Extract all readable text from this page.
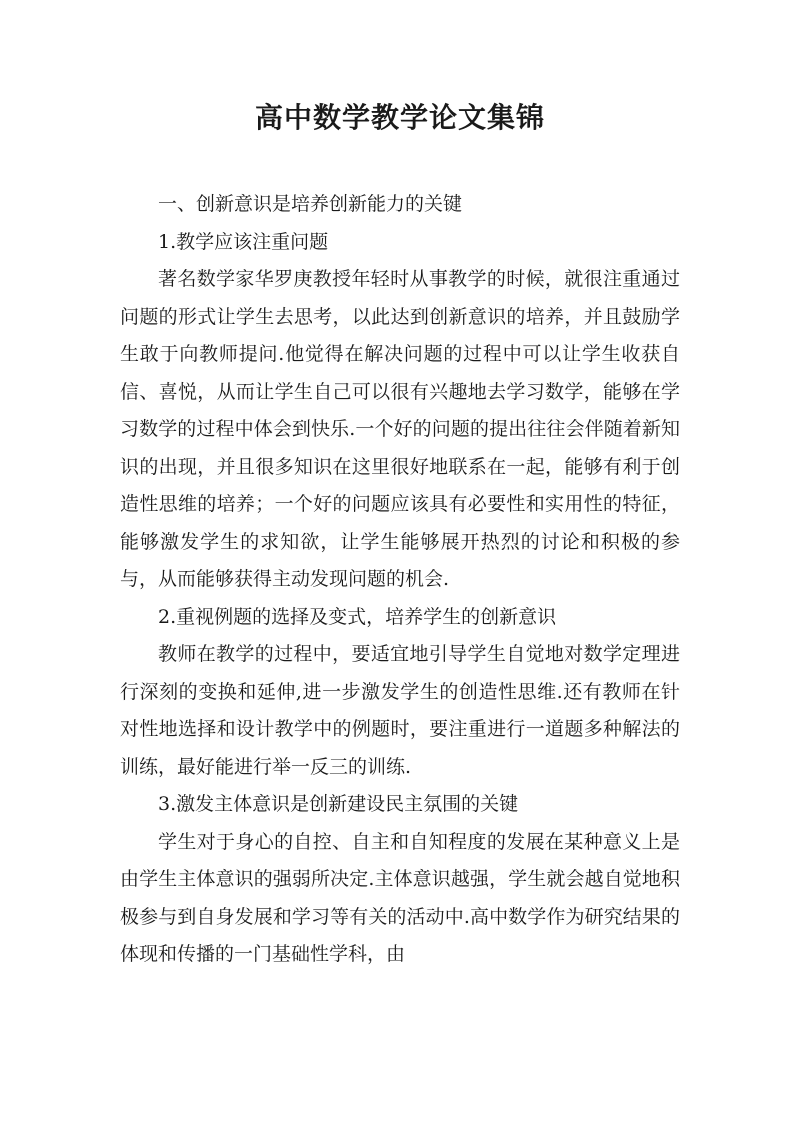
高中数学教学论文集锦

一、创新意识是培养创新能力的关键

1.教学应该注重问题

著名数学家华罗庚教授年轻时从事教学的时候，就很注重通过问题的形式让学生去思考，以此达到创新意识的培养，并且鼓励学生敢于向教师提问.他觉得在解决问题的过程中可以让学生收获自信、喜悦，从而让学生自己可以很有兴趣地去学习数学，能够在学习数学的过程中体会到快乐.一个好的问题的提出往往会伴随着新知识的出现，并且很多知识在这里很好地联系在一起，能够有利于创造性思维的培养；一个好的问题应该具有必要性和实用性的特征，能够激发学生的求知欲，让学生能够展开热烈的讨论和积极的参与，从而能够获得主动发现问题的机会.

2.重视例题的选择及变式，培养学生的创新意识

教师在教学的过程中，要适宜地引导学生自觉地对数学定理进行深刻的变换和延伸,进一步激发学生的创造性思维.还有教师在针对性地选择和设计教学中的例题时，要注重进行一道题多种解法的训练，最好能进行举一反三的训练.

3.激发主体意识是创新建设民主氛围的关键

学生对于身心的自控、自主和自知程度的发展在某种意义上是由学生主体意识的强弱所决定.主体意识越强，学生就会越自觉地积极参与到自身发展和学习等有关的活动中.高中数学作为研究结果的体现和传播的一门基础性学科，由
